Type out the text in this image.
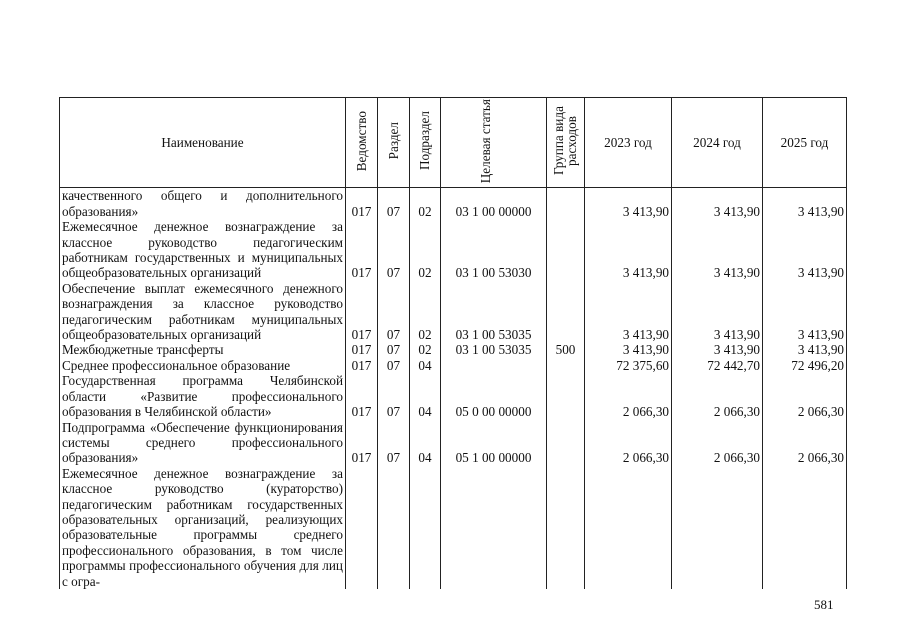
Наименование	Ведомство	Раздел	Подраздел	Целевая статья	Группа вида расходов	2023 год	2024 год	2025 год
качественного общего и дополнительного образования»	017	07	02	03 1 00 00000		3 413,90	3 413,90	3 413,90
Ежемесячное денежное вознаграждение за классное руководство педагогическим работникам государственных и муниципальных общеобразовательных организаций	017	07	02	03 1 00 53030		3 413,90	3 413,90	3 413,90
Обеспечение выплат ежемесячного денежного вознаграждения за классное руководство педагогическим работникам муниципальных общеобразовательных организаций	017	07	02	03 1 00 53035		3 413,90	3 413,90	3 413,90
Межбюджетные трансферты	017	07	02	03 1 00 53035	500	3 413,90	3 413,90	3 413,90
Среднее профессиональное образование	017	07	04			72 375,60	72 442,70	72 496,20
Государственная программа Челябинской области «Развитие профессионального образования в Челябинской области»	017	07	04	05 0 00 00000		2 066,30	2 066,30	2 066,30
Подпрограмма «Обеспечение функционирования системы среднего профессионального образования»	017	07	04	05 1 00 00000		2 066,30	2 066,30	2 066,30
Ежемесячное денежное вознаграждение за классное руководство (кураторство) педагогическим работникам государственных образовательных организаций, реализующих образовательные программы среднего профессионального образования, в том числе программы профессионального обучения для лиц с огра-								
581
